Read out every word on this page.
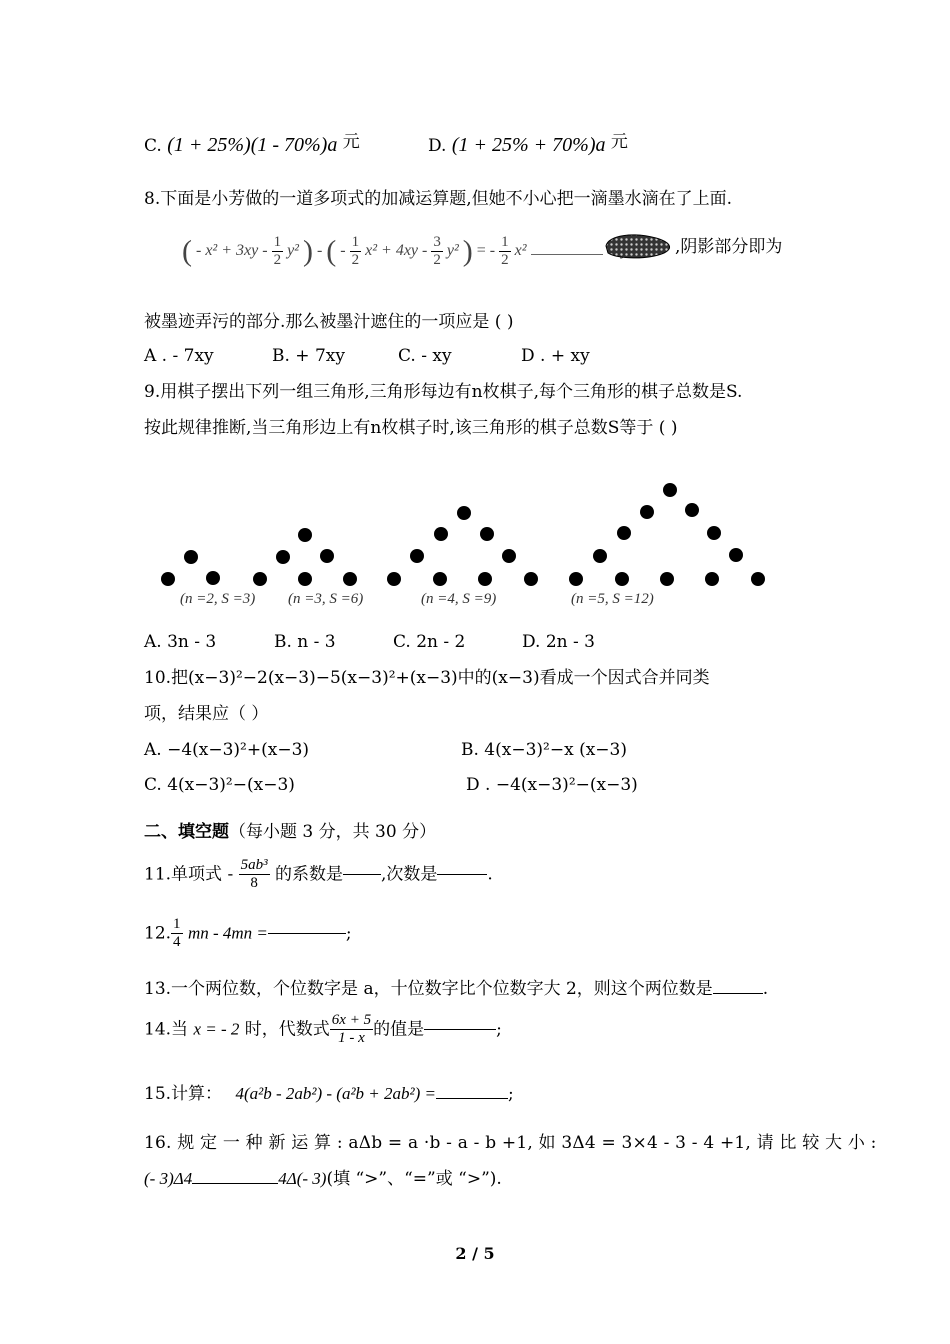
C. (1 + 25%)(1 - 70%)a 元	D. (1 + 25% + 70%)a 元
8.下面是小芳做的一道多项式的加减运算题,但她不小心把一滴墨水滴在了上面.
( - $x^2 + 3xy - \frac{1}{2} y^2$ ) - ( - $\frac{1}{2} x^2 + 4xy - \frac{3}{2} y^2$ ) = - $\frac{1}{2} x^2$	,阴影部分即为
被墨迹弄污的部分.那么被墨汁遮住的一项应是 ( )
A . - 7xy	B. + 7xy	C. - xy	D . + xy
9.用棋子摆出下列一组三角形,三角形每边有n枚棋子,每个三角形的棋子总数是S.
按此规律推断,当三角形边上有n枚棋子时,该三角形的棋子总数S等于 ( )
(n =2, S =3) (n =3, S =6)	(n =4, S =9)	(n =5, S =12)
A. 3n - 3	B. n - 3	C. 2n - 2	D. 2n - 3
10.把(x−3)²−2(x−3)−5(x−3)²+(x−3)中的(x−3)看成一个因式合并同类
项，结果应（ ）
A. −4(x−3)²+(x−3)	B. 4(x−3)²−x (x−3)
C. 4(x−3)²−(x−3)	D . −4(x−3)²−(x−3)
二、填空题（每小题 3 分，共 30 分）
11.单项式 - $\frac{\text{5ab³}}{8}$ 的系数是 ,次数是	.
12. $\frac{1}{4}$ mn - 4mn =	;
13.一个两位数，个位数字是 a，十位数字比个位数字大 2，则这个两位数是	.
14.当 x = - 2 时，代数式 $\frac{6x + 5}{1 - x}$ 的值是	;
15.计算： 4(a²b - 2ab²) - (a²b + 2ab²) =	;
16. 规 定 一 种 新 运 算 : aΔb = a ·b - a - b +1, 如 3Δ4 = 3×4 - 3 - 4 +1, 请 比 较 大 小 :
(- 3)Δ4	4Δ(- 3)(填 “>”、“=”或 “>”).
2 / 5
